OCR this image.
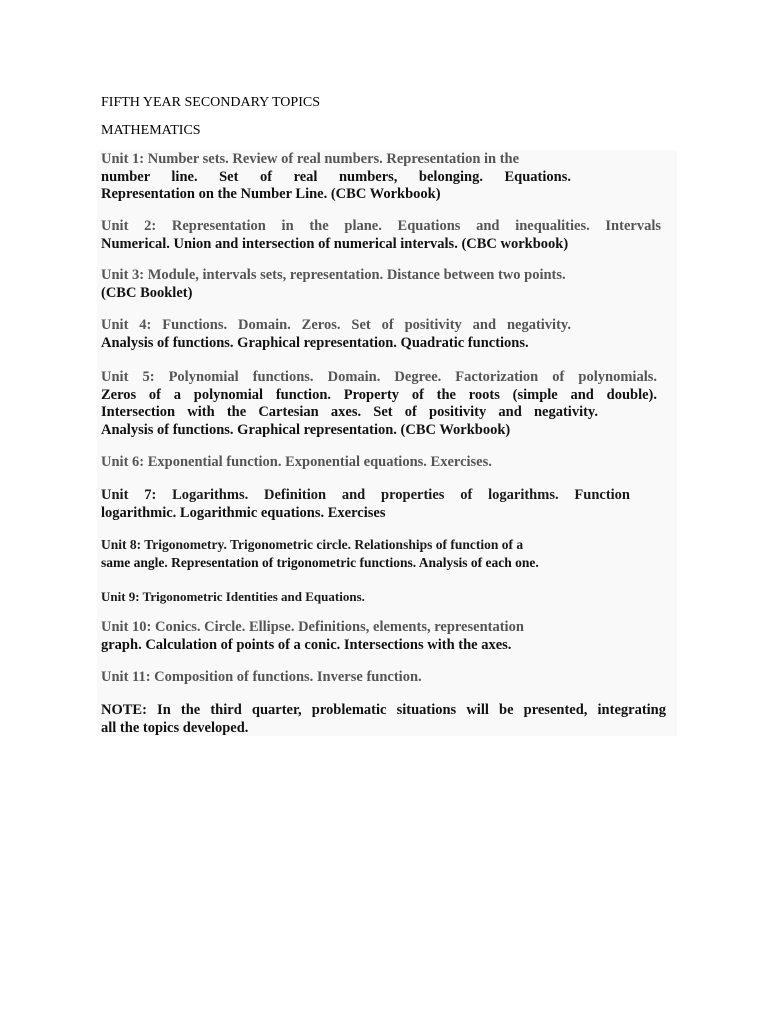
FIFTH YEAR SECONDARY TOPICS
MATHEMATICS
Unit 1: Number sets. Review of real numbers. Representation in the
number line. Set of real numbers, belonging. Equations.
Representation on the Number Line. (CBC Workbook)
Unit 2: Representation in the plane. Equations and inequalities. Intervals
Numerical. Union and intersection of numerical intervals. (CBC workbook)
Unit 3: Module, intervals sets, representation. Distance between two points.
(CBC Booklet)
Unit 4: Functions. Domain. Zeros. Set of positivity and negativity.
Analysis of functions. Graphical representation. Quadratic functions.
Unit 5: Polynomial functions. Domain. Degree. Factorization of polynomials.
Zeros of a polynomial function. Property of the roots (simple and double).
Intersection with the Cartesian axes. Set of positivity and negativity.
Analysis of functions. Graphical representation. (CBC Workbook)
Unit 6: Exponential function. Exponential equations. Exercises.
Unit 7: Logarithms. Definition and properties of logarithms. Function
logarithmic. Logarithmic equations. Exercises
Unit 8: Trigonometry. Trigonometric circle. Relationships of function of a
same angle. Representation of trigonometric functions. Analysis of each one.
Unit 9: Trigonometric Identities and Equations.
Unit 10: Conics. Circle. Ellipse. Definitions, elements, representation
graph. Calculation of points of a conic. Intersections with the axes.
Unit 11: Composition of functions. Inverse function.
NOTE: In the third quarter, problematic situations will be presented, integrating
all the topics developed.
